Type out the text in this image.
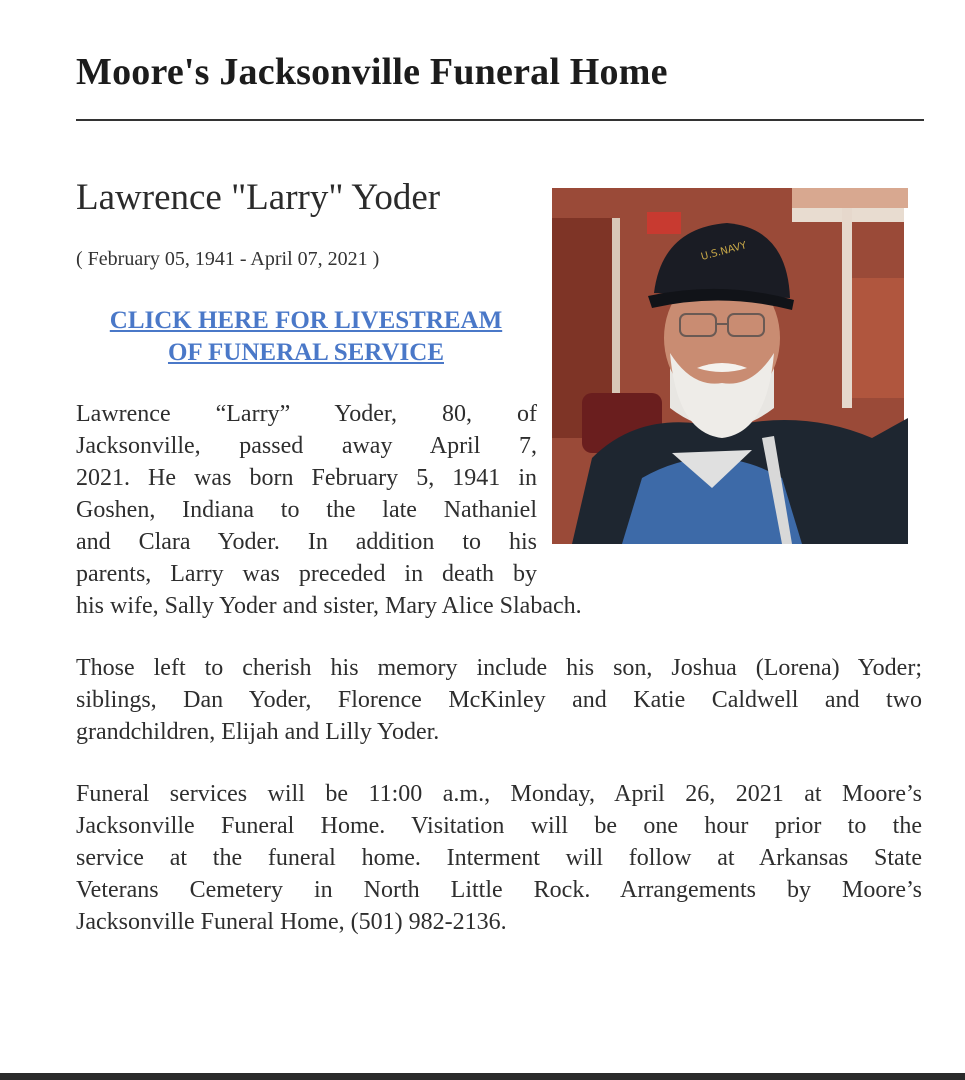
Moore's Jacksonville Funeral Home
Lawrence "Larry" Yoder
( February 05, 1941 - April 07, 2021 )
CLICK HERE FOR LIVESTREAM
OF FUNERAL SERVICE
U.S.NAVY
Lawrence “Larry” Yoder, 80, of
Jacksonville, passed away April 7,
2021. He was born February 5, 1941 in
Goshen, Indiana to the late Nathaniel
and Clara Yoder. In addition to his
parents, Larry was preceded in death by
his wife, Sally Yoder and sister, Mary Alice Slabach.
Those left to cherish his memory include his son, Joshua (Lorena) Yoder;
siblings, Dan Yoder, Florence McKinley and Katie Caldwell and two
grandchildren, Elijah and Lilly Yoder.
Funeral services will be 11:00 a.m., Monday, April 26, 2021 at Moore’s
Jacksonville Funeral Home. Visitation will be one hour prior to the
service at the funeral home. Interment will follow at Arkansas State
Veterans Cemetery in North Little Rock. Arrangements by Moore’s
Jacksonville Funeral Home, (501) 982-2136.
